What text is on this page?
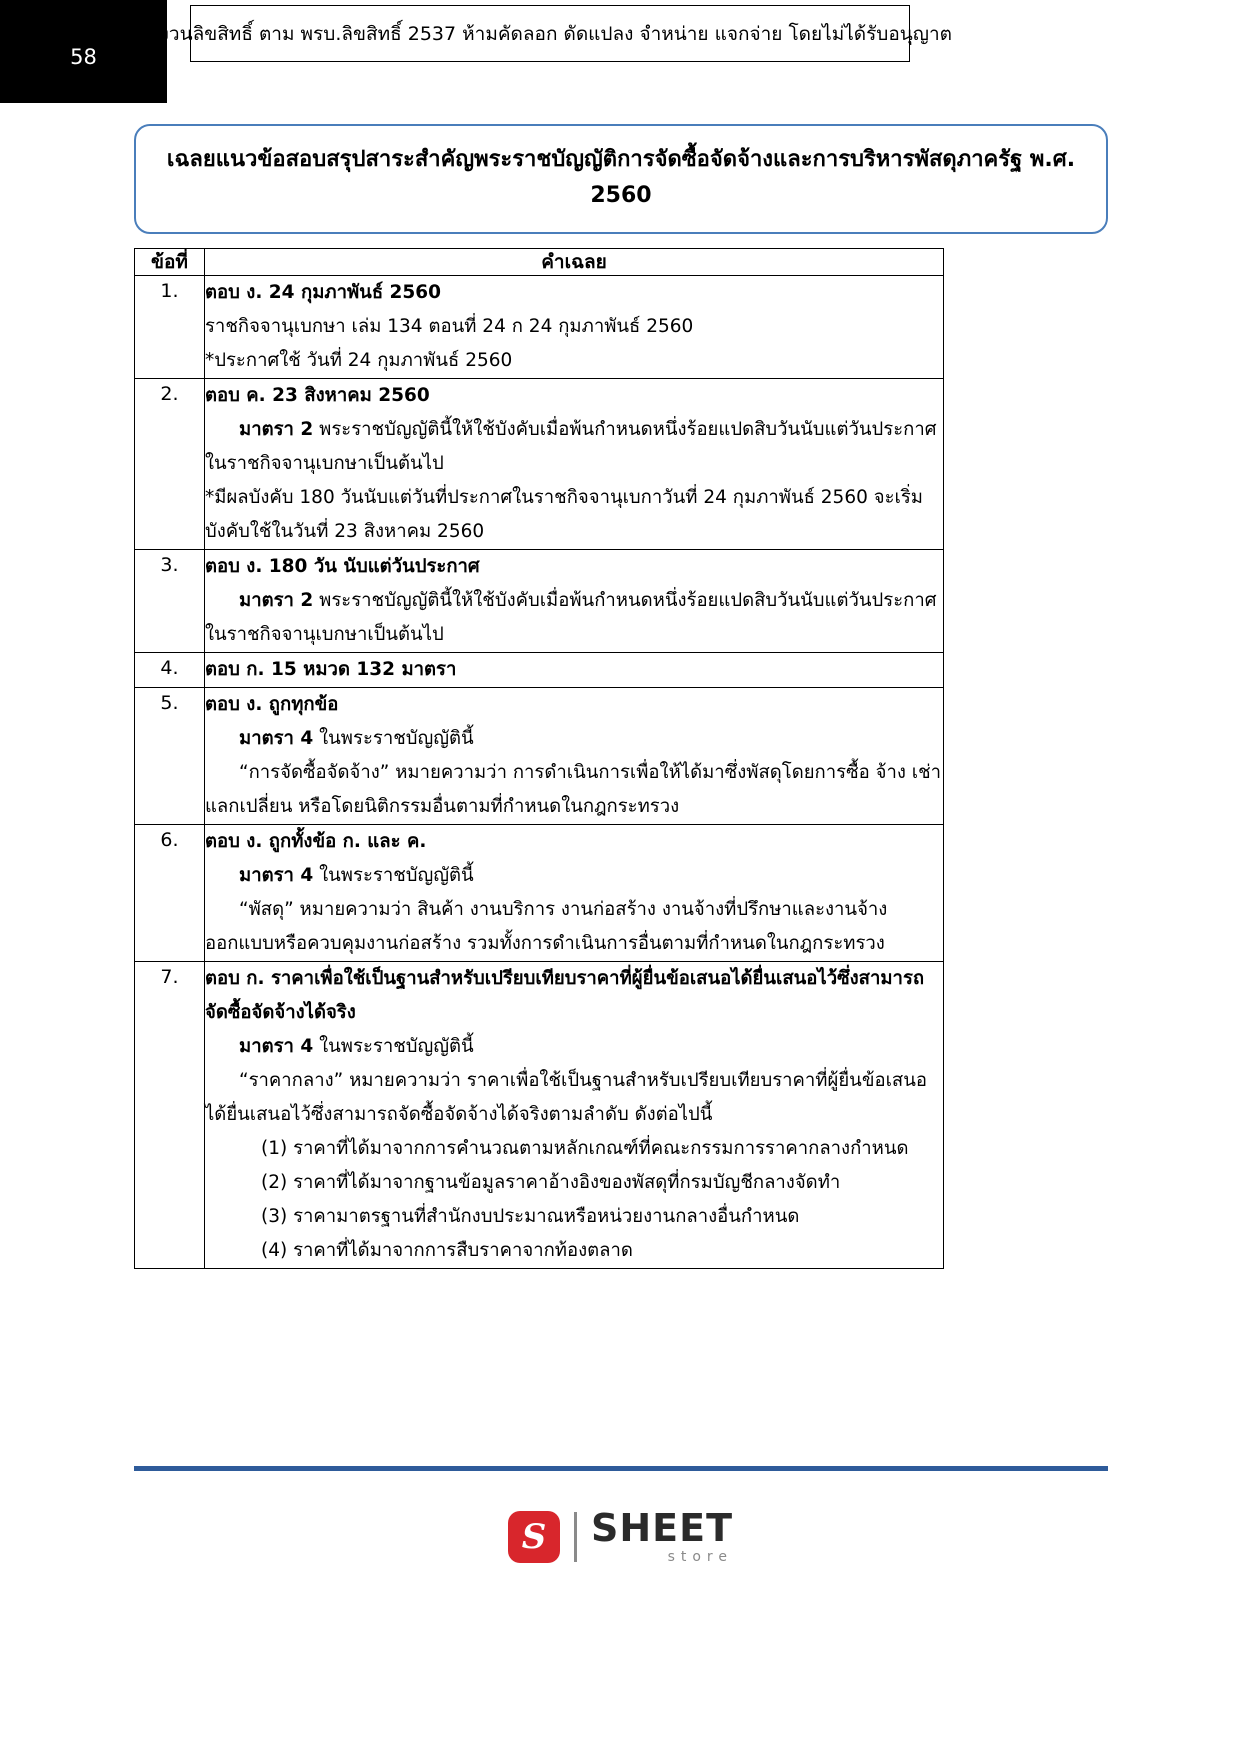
58
สงวนลิขสิทธิ์ ตาม พรบ.ลิขสิทธิ์ 2537 ห้ามคัดลอก ดัดแปลง จำหน่าย แจกจ่าย โดยไม่ได้รับอนุญาต
เฉลยแนวข้อสอบสรุปสาระสำคัญพระราชบัญญัติการจัดซื้อจัดจ้างและการบริหารพัสดุภาครัฐ พ.ศ. 2560
ข้อที่	คำเฉลย
1.	ตอบ ง. 24 กุมภาพันธ์ 2560

ราชกิจจานุเบกษา เล่ม 134 ตอนที่ 24 ก 24 กุมภาพันธ์ 2560

*ประกาศใช้ วันที่ 24 กุมภาพันธ์ 2560

2.	ตอบ ค. 23 สิงหาคม 2560

มาตรา 2 พระราชบัญญัตินี้ให้ใช้บังคับเมื่อพ้นกำหนดหนึ่งร้อยแปดสิบวันนับแต่วันประกาศในราชกิจจานุเบกษาเป็นต้นไป

*มีผลบังคับ 180 วันนับแต่วันที่ประกาศในราชกิจจานุเบกาวันที่ 24 กุมภาพันธ์ 2560 จะเริ่มบังคับใช้ในวันที่ 23 สิงหาคม 2560

3.	ตอบ ง. 180 วัน นับแต่วันประกาศ

มาตรา 2 พระราชบัญญัตินี้ให้ใช้บังคับเมื่อพ้นกำหนดหนึ่งร้อยแปดสิบวันนับแต่วันประกาศในราชกิจจานุเบกษาเป็นต้นไป

4.	ตอบ ก. 15 หมวด 132 มาตรา

5.	ตอบ ง. ถูกทุกข้อ

มาตรา 4 ในพระราชบัญญัตินี้

“การจัดซื้อจัดจ้าง” หมายความว่า การดำเนินการเพื่อให้ได้มาซึ่งพัสดุโดยการซื้อ จ้าง เช่าแลกเปลี่ยน หรือโดยนิติกรรมอื่นตามที่กำหนดในกฎกระทรวง

6.	ตอบ ง. ถูกทั้งข้อ ก. และ ค.

มาตรา 4 ในพระราชบัญญัตินี้

“พัสดุ” หมายความว่า สินค้า งานบริการ งานก่อสร้าง งานจ้างที่ปรึกษาและงานจ้างออกแบบหรือควบคุมงานก่อสร้าง รวมทั้งการดำเนินการอื่นตามที่กำหนดในกฎกระทรวง

7.	ตอบ ก. ราคาเพื่อใช้เป็นฐานสำหรับเปรียบเทียบราคาที่ผู้ยื่นข้อเสนอได้ยื่นเสนอไว้ซึ่งสามารถจัดซื้อจัดจ้างได้จริง

มาตรา 4 ในพระราชบัญญัตินี้

“ราคากลาง” หมายความว่า ราคาเพื่อใช้เป็นฐานสำหรับเปรียบเทียบราคาที่ผู้ยื่นข้อเสนอได้ยื่นเสนอไว้ซึ่งสามารถจัดซื้อจัดจ้างได้จริงตามลำดับ ดังต่อไปนี้

(1) ราคาที่ได้มาจากการคำนวณตามหลักเกณฑ์ที่คณะกรรมการราคากลางกำหนด

(2) ราคาที่ได้มาจากฐานข้อมูลราคาอ้างอิงของพัสดุที่กรมบัญชีกลางจัดทำ

(3) ราคามาตรฐานที่สำนักงบประมาณหรือหน่วยงานกลางอื่นกำหนด

(4) ราคาที่ได้มาจากการสืบราคาจากท้องตลาด

S	SHEET
store
